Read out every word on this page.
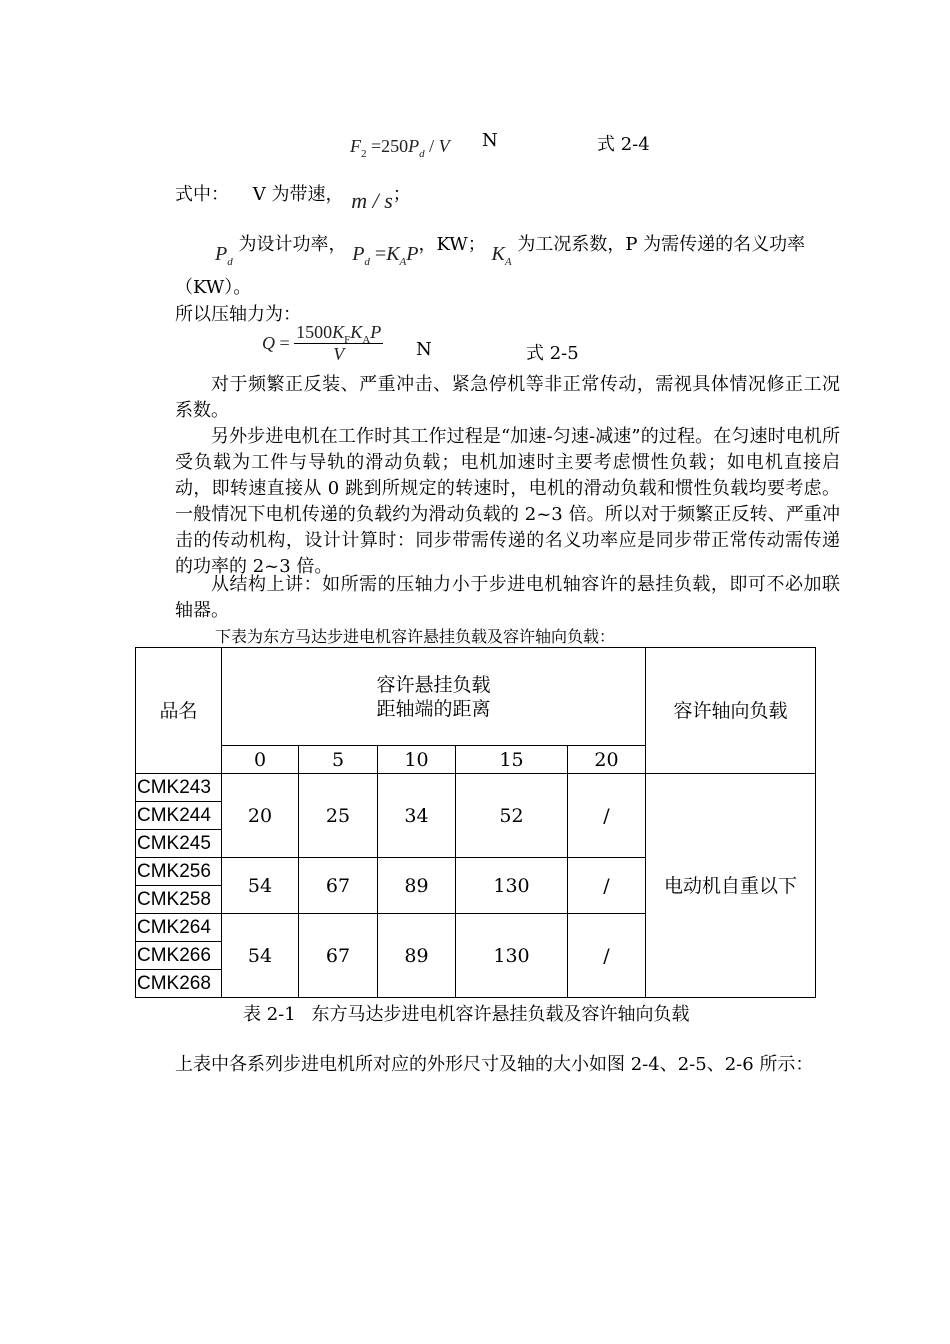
$F_2 =250P_d / V$ N	式 2-4
式中： V 为带速， m / s；
$P_d$ 为设计功率， $P_d =K_AP$，KW； $K_A$ 为工况系数，P 为需传递的名义功率
（KW）。
所以压轴力为：
$Q = \frac{1500K_FK_AP}{V}$ N	式 2-5
对于频繁正反装、严重冲击、紧急停机等非正常传动，需视具体情况修正工况系数。
另外步进电机在工作时其工作过程是“加速-匀速-减速”的过程。在匀速时电机所受负载为工件与导轨的滑动负载；电机加速时主要考虑惯性负载；如电机直接启动，即转速直接从 0 跳到所规定的转速时，电机的滑动负载和惯性负载均要考虑。一般情况下电机传递的负载约为滑动负载的 2~3 倍。所以对于频繁正反转、严重冲击的传动机构，设计计算时：同步带需传递的名义功率应是同步带正常传动需传递的功率的 2~3 倍。
从结构上讲：如所需的压轴力小于步进电机轴容许的悬挂负载，即可不必加联轴器。
下表为东方马达步进电机容许悬挂负载及容许轴向负载：
品名	容许悬挂负载
距轴端的距离					容许轴向负载
	0	5	10	15	20	
CMK243	20	25	34	52	/	电动机自重以下
CMK244						
CMK245						
CMK256	54	67	89	130	/	
CMK258						
CMK264	54	67	89	130	/	
CMK266						
CMK268						
表 2-1 东方马达步进电机容许悬挂负载及容许轴向负载
上表中各系列步进电机所对应的外形尺寸及轴的大小如图 2-4、2-5、2-6 所示：
